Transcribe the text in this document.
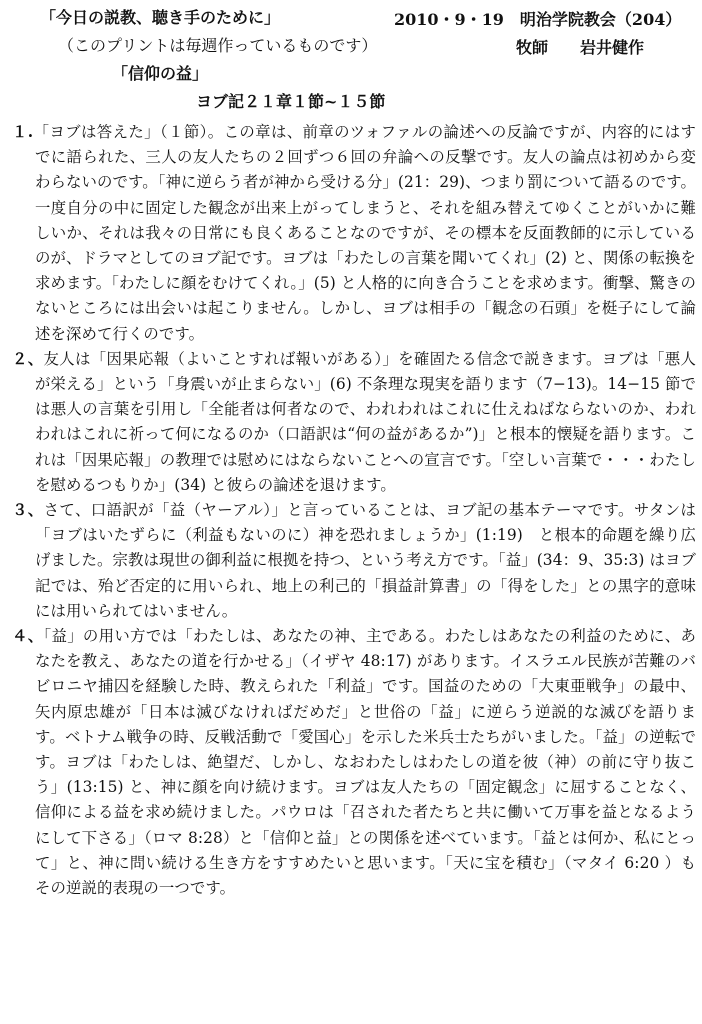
「今日の説教、聴き手のために」	2010・9・19　明治学院教会（204）
（このプリントは毎週作っているものです）	牧師　　岩井健作
「信仰の益」
ヨブ記２１章１節~１５節

１.「ヨブは答えた」（１節）。この章は、前章のツォファルの論述への反論ですが、内容的にはすでに語られた、三人の友人たちの２回ずつ６回の弁論への反撃です。友人の論点は初めから変わらないのです。「神に逆らう者が神から受ける分」(21：29)、つまり罰について語るのです。一度自分の中に固定した観念が出来上がってしまうと、それを組み替えてゆくことがいかに難しいか、それは我々の日常にも良くあることなのですが、その標本を反面教師的に示しているのが、ドラマとしてのヨブ記です。ヨブは「わたしの言葉を聞いてくれ」(2) と、関係の転換を求めます。「わたしに顔をむけてくれ。」(5) と人格的に向き合うことを求めます。衝撃、驚きのないところには出会いは起こりません。しかし、ヨブは相手の「観念の石頭」を梃子にして論述を深めて行くのです。

２、友人は「因果応報（よいことすれば報いがある）」を確固たる信念で説きます。ヨブは「悪人が栄える」という「身震いが止まらない」(6) 不条理な現実を語ります（7−13)。14−15 節では悪人の言葉を引用し「全能者は何者なので、われわれはこれに仕えねばならないのか、われわれはこれに祈って何になるのか（口語訳は“何の益があるか”)」と根本的懐疑を語ります。これは「因果応報」の教理では慰めにはならないことへの宣言です。「空しい言葉で・・・わたしを慰めるつもりか」(34) と彼らの論述を退けます。

３、さて、口語訳が「益（ヤーアル）」と言っていることは、ヨブ記の基本テーマです。サタンは「ヨブはいたずらに（利益もないのに）神を恐れましょうか」(1:19)　と根本的命題を繰り広げました。宗教は現世の御利益に根拠を持つ、という考え方です。「益」(34：9、35:3) はヨブ記では、殆ど否定的に用いられ、地上の利己的「損益計算書」の「得をした」との黒字的意味には用いられてはいません。

４、「益」の用い方では「わたしは、あなたの神、主である。わたしはあなたの利益のために、あなたを教え、あなたの道を行かせる」（イザヤ 48:17) があります。イスラエル民族が苦難のバビロニヤ捕囚を経験した時、教えられた「利益」です。国益のための「大東亜戦争」の最中、矢内原忠雄が「日本は滅びなければだめだ」と世俗の「益」に逆らう逆説的な滅びを語ります。ベトナム戦争の時、反戦活動で「愛国心」を示した米兵士たちがいました。「益」の逆転です。ヨブは「わたしは、絶望だ、しかし、なおわたしはわたしの道を彼（神）の前に守り抜こう」(13:15) と、神に顔を向け続けます。ヨブは友人たちの「固定観念」に屈することなく、信仰による益を求め続けました。パウロは「召された者たちと共に働いて万事を益となるようにして下さる」（ロマ 8:28）と「信仰と益」との関係を述べています。「益とは何か、私にとって」と、神に問い続ける生き方をすすめたいと思います。「天に宝を積む」（マタイ 6:20 ）もその逆説的表現の一つです。
